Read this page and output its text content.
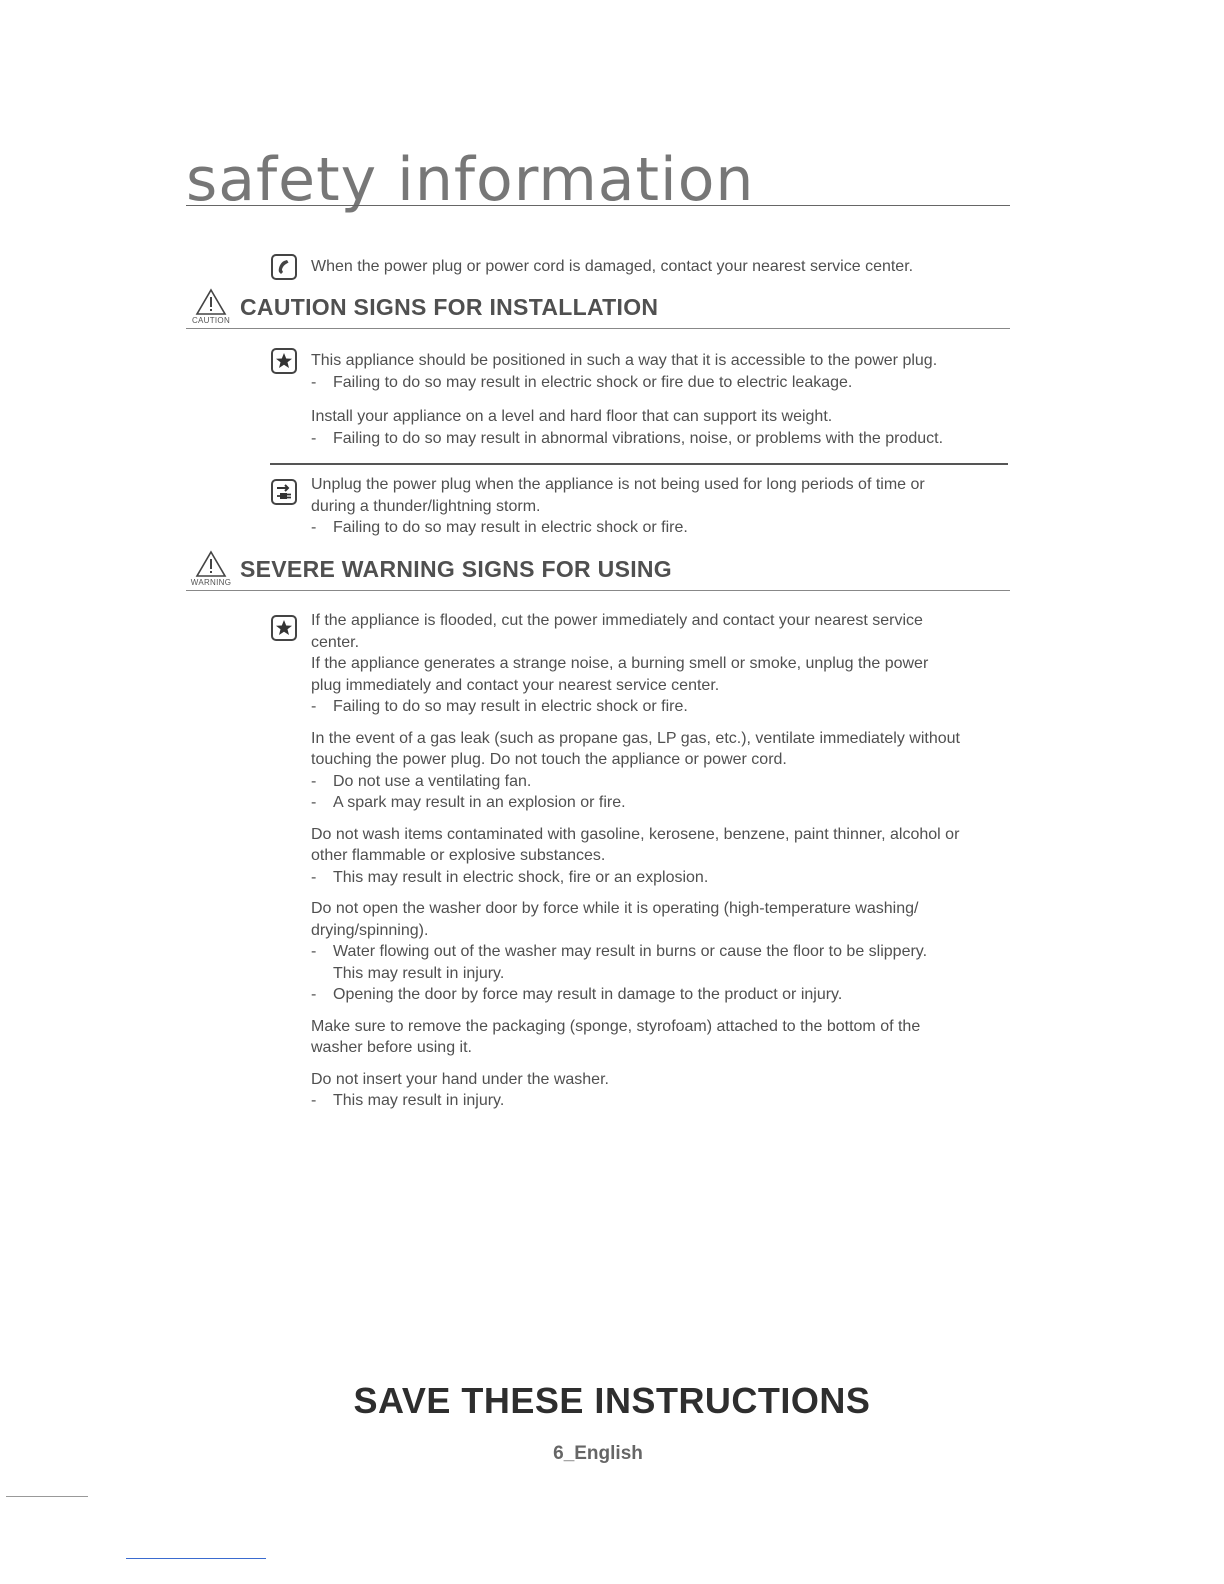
safety information
When the power plug or power cord is damaged, contact your nearest service center.
CAUTION
CAUTION SIGNS FOR INSTALLATION

This appliance should be positioned in such a way that it is accessible to the power plug.

- Failing to do so may result in electric shock or fire due to electric leakage.

Install your appliance on a level and hard floor that can support its weight.

- Failing to do so may result in abnormal vibrations, noise, or problems with the product.

Unplug the power plug when the appliance is not being used for long periods of time or

during a thunder/lightning storm.

- Failing to do so may result in electric shock or fire.

WARNING
SEVERE WARNING SIGNS FOR USING

If the appliance is flooded, cut the power immediately and contact your nearest service

center.

If the appliance generates a strange noise, a burning smell or smoke, unplug the power

plug immediately and contact your nearest service center.

- Failing to do so may result in electric shock or fire.

In the event of a gas leak (such as propane gas, LP gas, etc.), ventilate immediately without

touching the power plug. Do not touch the appliance or power cord.

- Do not use a ventilating fan.

- A spark may result in an explosion or fire.

Do not wash items contaminated with gasoline, kerosene, benzene, paint thinner, alcohol or

other flammable or explosive substances.

- This may result in electric shock, fire or an explosion.

Do not open the washer door by force while it is operating (high-temperature washing/

drying/spinning).

- Water flowing out of the washer may result in burns or cause the floor to be slippery.
This may result in injury.

- Opening the door by force may result in damage to the product or injury.

Make sure to remove the packaging (sponge, styrofoam) attached to the bottom of the

washer before using it.

Do not insert your hand under the washer.

- This may result in injury.

SAVE THESE INSTRUCTIONS
6_English
